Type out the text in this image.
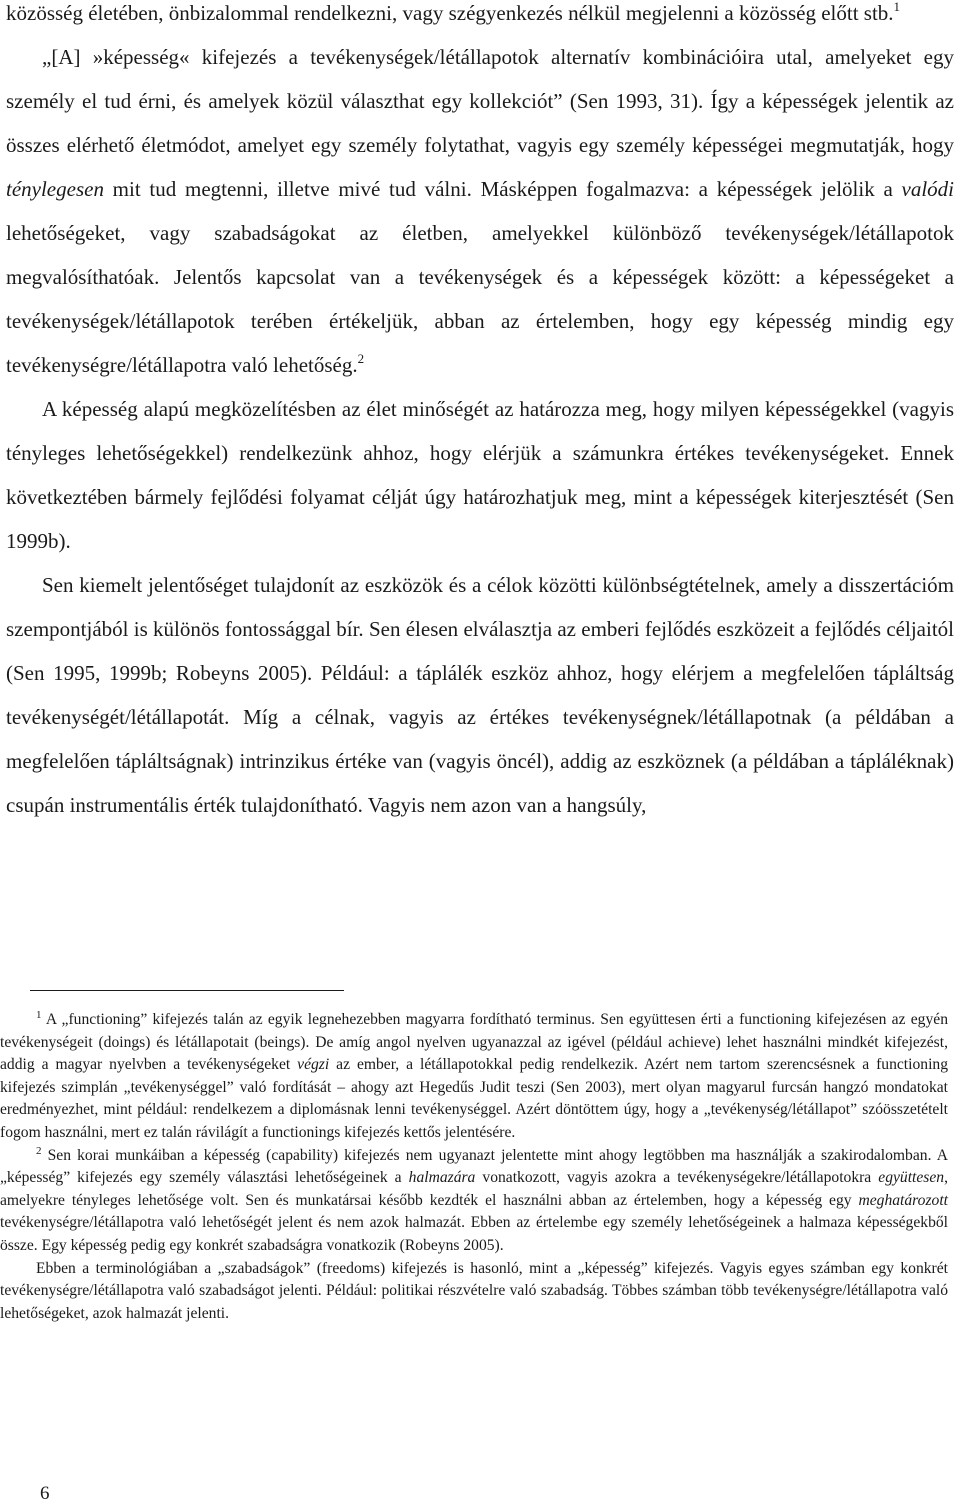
közösség életében, önbizalommal rendelkezni, vagy szégyenkezés nélkül megjelenni a közösség előtt stb.$^1$

„[A] »képesség« kifejezés a tevékenységek/létállapotok alternatív kombinációira utal, amelyeket egy személy el tud érni, és amelyek közül választhat egy kollekciót” (Sen 1993, 31). Így a képességek jelentik az összes elérhető életmódot, amelyet egy személy folytathat, vagyis egy személy képességei megmutatják, hogy ténylegesen mit tud megtenni, illetve mivé tud válni. Másképpen fogalmazva: a képességek jelölik a valódi lehetőségeket, vagy szabadságokat az életben, amelyekkel különböző tevékenységek/létállapotok megvalósíthatóak. Jelentős kapcsolat van a tevékenységek és a képességek között: a képességeket a tevékenységek/létállapotok terében értékeljük, abban az értelemben, hogy egy képesség mindig egy tevékenységre/létállapotra való lehetőség.$^2$

A képesség alapú megközelítésben az élet minőségét az határozza meg, hogy milyen képességekkel (vagyis tényleges lehetőségekkel) rendelkezünk ahhoz, hogy elérjük a számunkra értékes tevékenységeket. Ennek következtében bármely fejlődési folyamat célját úgy határozhatjuk meg, mint a képességek kiterjesztését (Sen 1999b).

Sen kiemelt jelentőséget tulajdonít az eszközök és a célok közötti különbségtételnek, amely a disszertációm szempontjából is különös fontossággal bír. Sen élesen elválasztja az emberi fejlődés eszközeit a fejlődés céljaitól (Sen 1995, 1999b; Robeyns 2005). Például: a táplálék eszköz ahhoz, hogy elérjem a megfelelően tápláltság tevékenységét/létállapotát. Míg a célnak, vagyis az értékes tevékenységnek/létállapotnak (a példában a megfelelően tápláltságnak) intrinzikus értéke van (vagyis öncél), addig az eszköznek (a példában a tápláléknak) csupán instrumentális érték tulajdonítható. Vagyis nem azon van a hangsúly,

$^1$ A „functioning” kifejezés talán az egyik legnehezebben magyarra fordítható terminus. Sen együttesen érti a functioning kifejezésen az egyén tevékenységeit (doings) és létállapotait (beings). De amíg angol nyelven ugyanazzal az igével (például achieve) lehet használni mindkét kifejezést, addig a magyar nyelvben a tevékenységeket végzi az ember, a létállapotokkal pedig rendelkezik. Azért nem tartom szerencsésnek a functioning kifejezés szimplán „tevékenységgel” való fordítását – ahogy azt Hegedűs Judit teszi (Sen 2003), mert olyan magyarul furcsán hangzó mondatokat eredményezhet, mint például: rendelkezem a diplomásnak lenni tevékenységgel. Azért döntöttem úgy, hogy a „tevékenység/létállapot” szóösszetételt fogom használni, mert ez talán rávilágít a functionings kifejezés kettős jelentésére.

$^2$ Sen korai munkáiban a képesség (capability) kifejezés nem ugyanazt jelentette mint ahogy legtöbben ma használják a szakirodalomban. A „képesség” kifejezés egy személy választási lehetőségeinek a halmazára vonatkozott, vagyis azokra a tevékenységekre/létállapotokra együttesen, amelyekre tényleges lehetősége volt. Sen és munkatársai később kezdték el használni abban az értelemben, hogy a képesség egy meghatározott tevékenységre/létállapotra való lehetőségét jelent és nem azok halmazát. Ebben az értelembe egy személy lehetőségeinek a halmaza képességekből össze. Egy képesség pedig egy konkrét szabadságra vonatkozik (Robeyns 2005).

Ebben a terminológiában a „szabadságok” (freedoms) kifejezés is hasonló, mint a „képesség” kifejezés. Vagyis egyes számban egy konkrét tevékenységre/létállapotra való szabadságot jelenti. Például: politikai részvételre való szabadság. Többes számban több tevékenységre/létállapotra való lehetőségeket, azok halmazát jelenti.

6
